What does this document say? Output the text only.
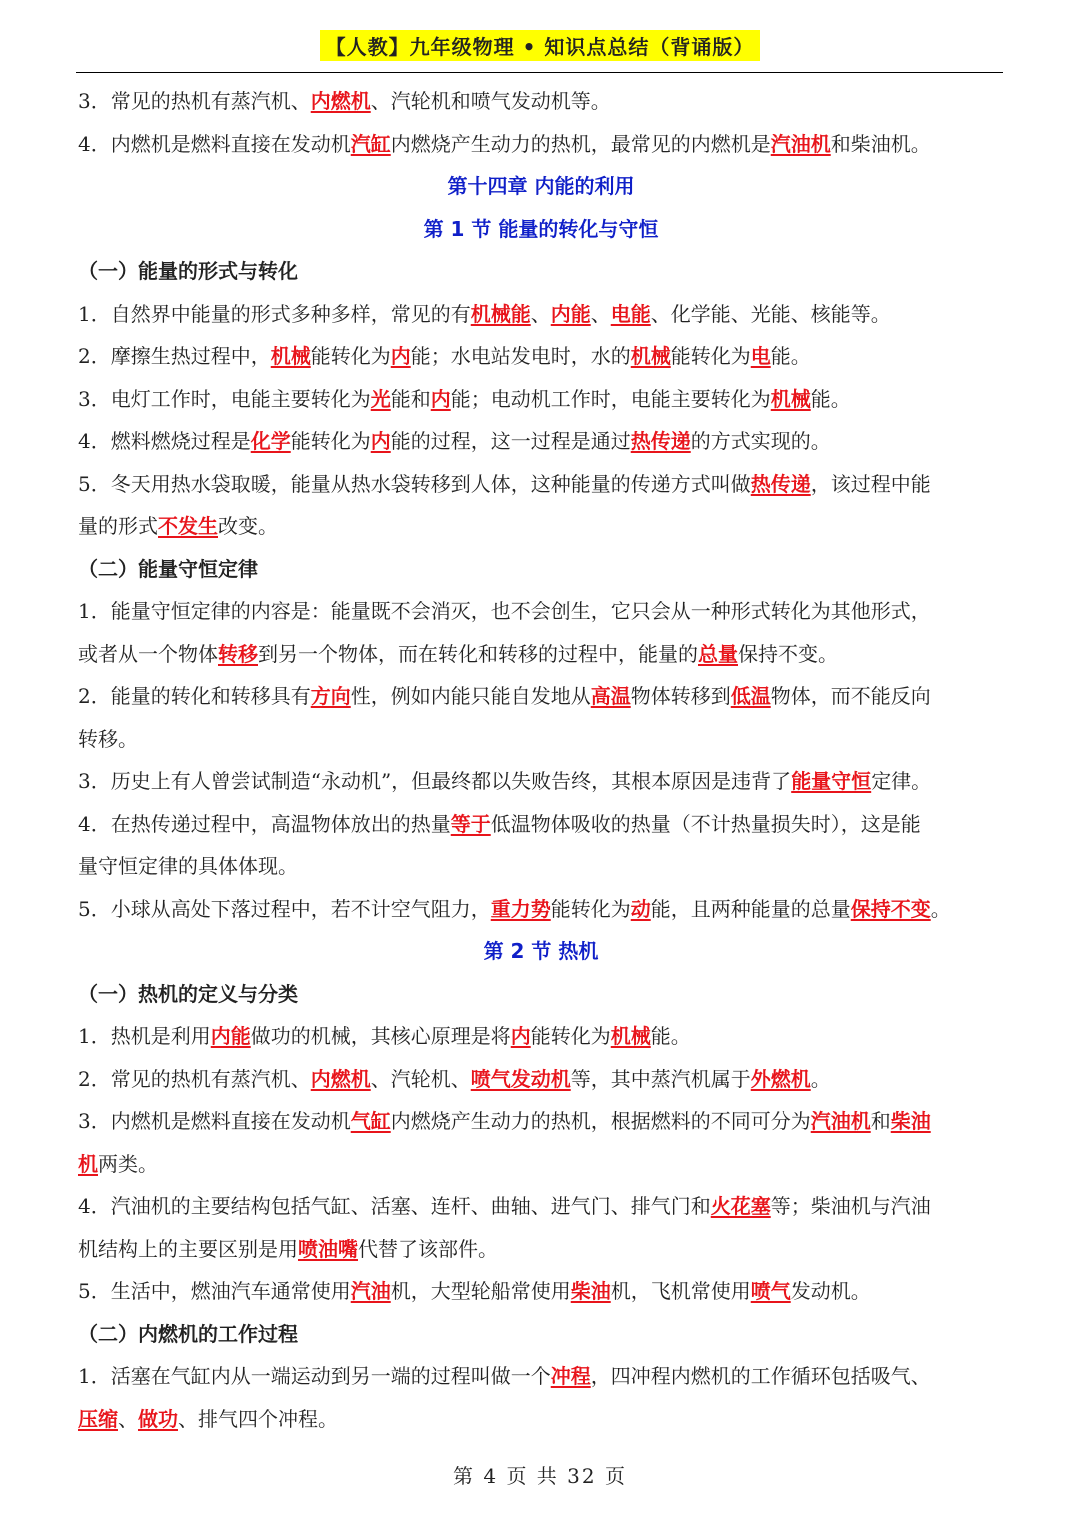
【人教】九年级物理 • 知识点总结（背诵版）
3．常见的热机有蒸汽机、内燃机、汽轮机和喷气发动机等。
4．内燃机是燃料直接在发动机汽缸内燃烧产生动力的热机，最常见的内燃机是汽油机和柴油机。
第十四章 内能的利用
第 1 节 能量的转化与守恒
（一）能量的形式与转化
1．自然界中能量的形式多种多样，常见的有机械能、内能、电能、化学能、光能、核能等。
2．摩擦生热过程中，机械能转化为内能；水电站发电时，水的机械能转化为电能。
3．电灯工作时，电能主要转化为光能和内能；电动机工作时，电能主要转化为机械能。
4．燃料燃烧过程是化学能转化为内能的过程，这一过程是通过热传递的方式实现的。
5．冬天用热水袋取暖，能量从热水袋转移到人体，这种能量的传递方式叫做热传递，该过程中能
量的形式不发生改变。
（二）能量守恒定律
1．能量守恒定律的内容是：能量既不会消灭，也不会创生，它只会从一种形式转化为其他形式，
或者从一个物体转移到另一个物体，而在转化和转移的过程中，能量的总量保持不变。
2．能量的转化和转移具有方向性，例如内能只能自发地从高温物体转移到低温物体，而不能反向
转移。
3．历史上有人曾尝试制造“永动机”，但最终都以失败告终，其根本原因是违背了能量守恒定律。
4．在热传递过程中，高温物体放出的热量等于低温物体吸收的热量（不计热量损失时），这是能
量守恒定律的具体体现。
5．小球从高处下落过程中，若不计空气阻力，重力势能转化为动能，且两种能量的总量保持不变。
第 2 节 热机
（一）热机的定义与分类
1．热机是利用内能做功的机械，其核心原理是将内能转化为机械能。
2．常见的热机有蒸汽机、内燃机、汽轮机、喷气发动机等，其中蒸汽机属于外燃机。
3．内燃机是燃料直接在发动机气缸内燃烧产生动力的热机，根据燃料的不同可分为汽油机和柴油
机两类。
4．汽油机的主要结构包括气缸、活塞、连杆、曲轴、进气门、排气门和火花塞等；柴油机与汽油
机结构上的主要区别是用喷油嘴代替了该部件。
5．生活中，燃油汽车通常使用汽油机，大型轮船常使用柴油机，飞机常使用喷气发动机。
（二）内燃机的工作过程
1．活塞在气缸内从一端运动到另一端的过程叫做一个冲程，四冲程内燃机的工作循环包括吸气、
压缩、做功、排气四个冲程。
第 4 页 共 32 页
